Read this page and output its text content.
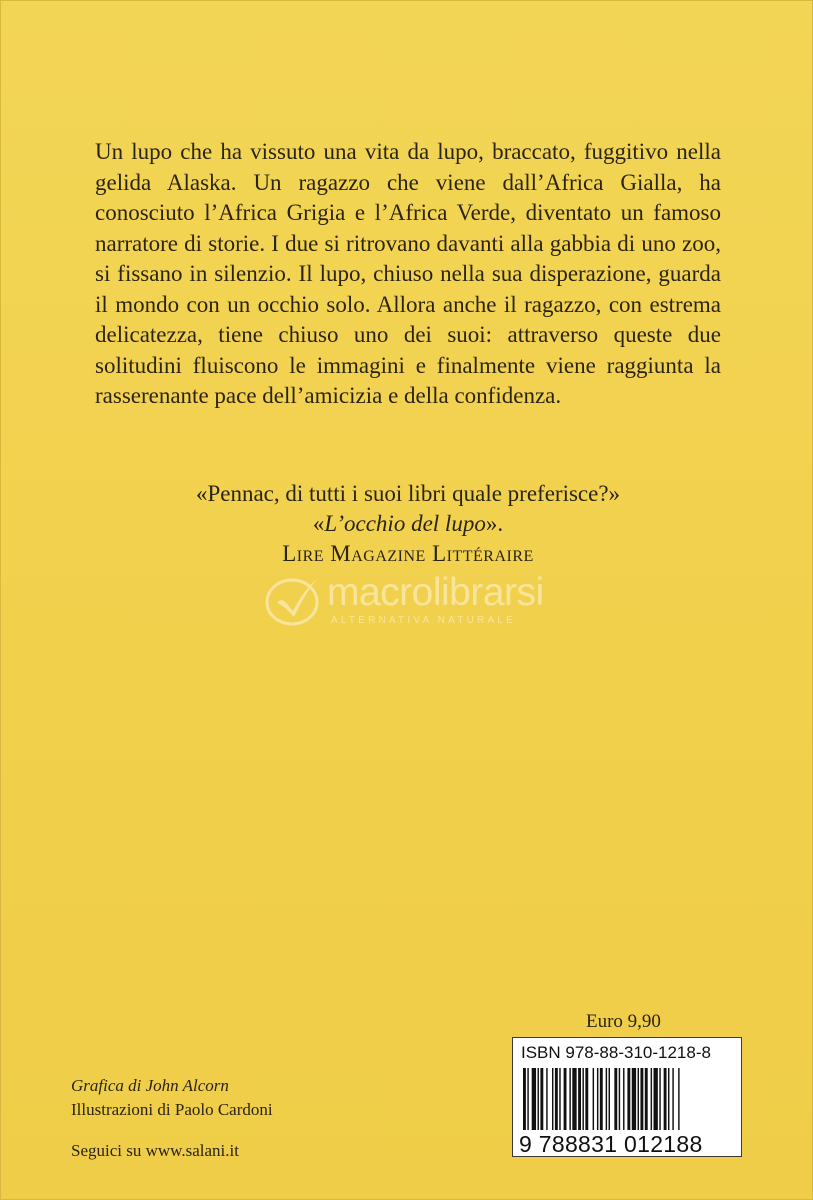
Un lupo che ha vissuto una vita da lupo, braccato, fuggitivo nella gelida Alaska. Un ragazzo che viene dall’Africa Gialla, ha conosciuto l’Africa Grigia e l’Africa Verde, diventato un famoso narratore di storie. I due si ritrovano davanti alla gabbia di uno zoo, si fissano in silenzio. Il lupo, chiuso nella sua disperazione, guarda il mondo con un occhio solo. Allora anche il ragazzo, con estrema delicatezza, tiene chiuso uno dei suoi: attraverso queste due solitudini fluiscono le immagini e finalmente viene raggiunta la rasserenante pace dell’amicizia e della confidenza.

«Pennac, di tutti i suoi libri quale preferisce?»
«L’occhio del lupo».
Lire Magazine Littéraire
macrolibrarsi
ALTERNATIVA NATURALE
Euro 9,90
ISBN 978-88-310-1218-8
9 788831 012188
Grafica di John Alcorn
Illustrazioni di Paolo Cardoni
Seguici su www.salani.it
